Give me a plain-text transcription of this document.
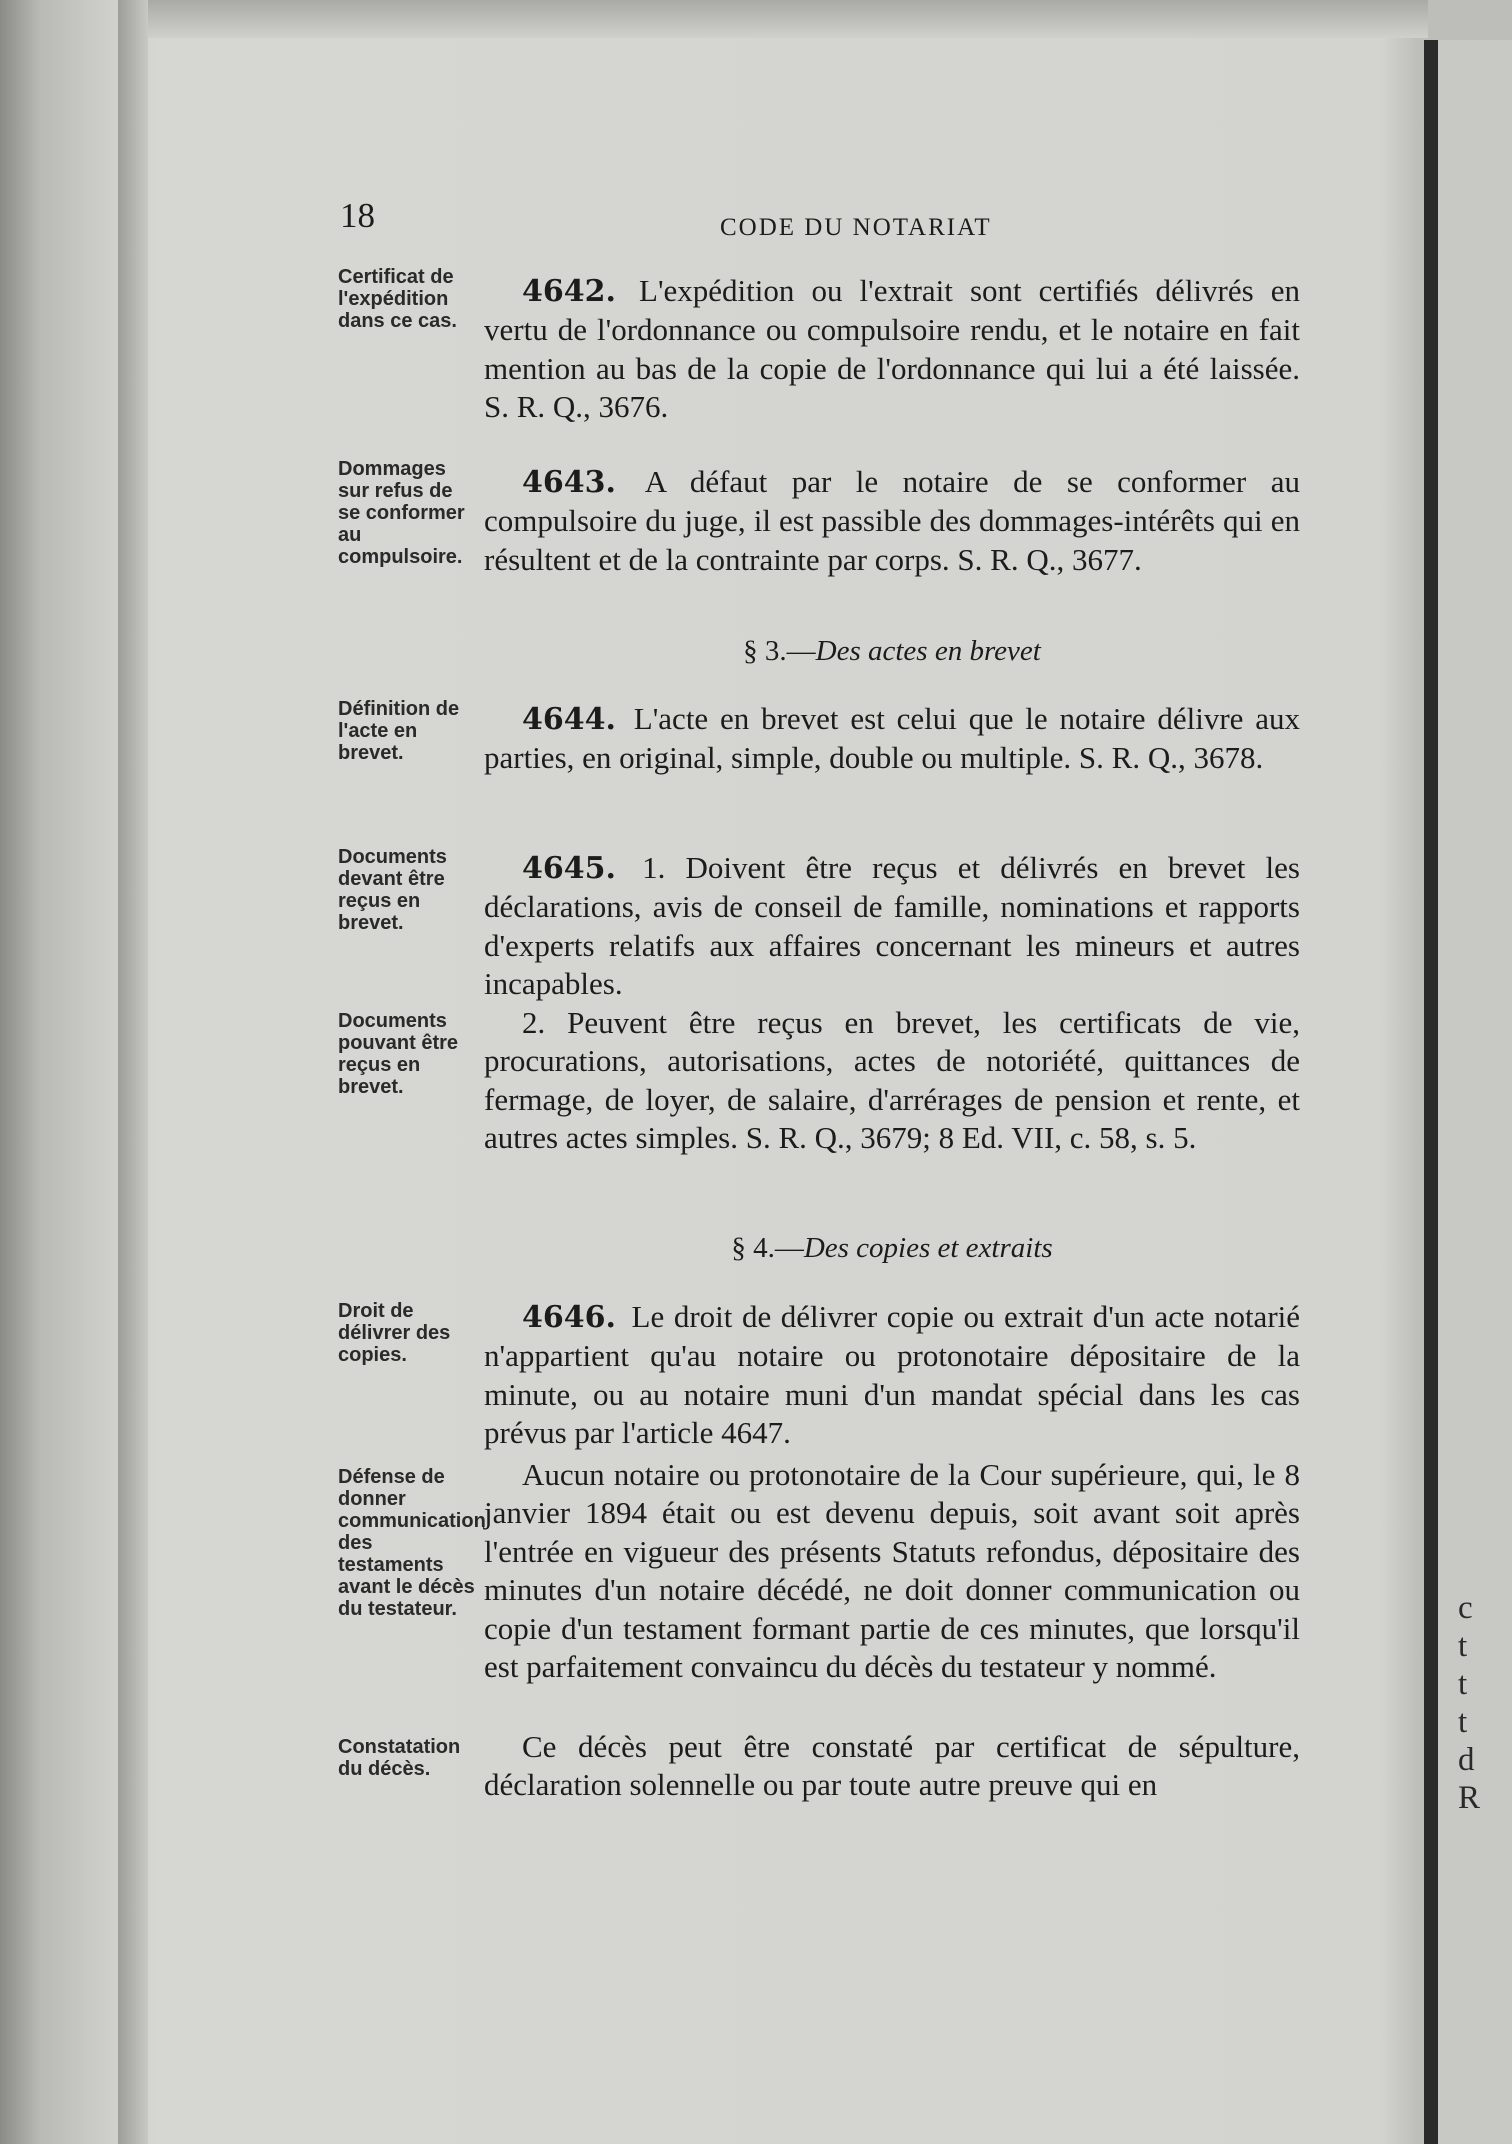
18	CODE DU NOTARIAT
Certificat de l'expédition dans ce cas.
4642. L'expédition ou l'extrait sont certifiés délivrés en vertu de l'ordonnance ou compulsoire rendu, et le notaire en fait mention au bas de la copie de l'ordonnance qui lui a été laissée. S. R. Q., 3676.
Dommages sur refus de se conformer au compulsoire.
4643. A défaut par le notaire de se conformer au compulsoire du juge, il est passible des dommages-intérêts qui en résultent et de la contrainte par corps. S. R. Q., 3677.
§ 3.—Des actes en brevet
Définition de l'acte en brevet.
4644. L'acte en brevet est celui que le notaire délivre aux parties, en original, simple, double ou multiple. S. R. Q., 3678.
Documents devant être reçus en brevet.
4645. 1. Doivent être reçus et délivrés en brevet les déclarations, avis de conseil de famille, nominations et rapports d'experts relatifs aux affaires concernant les mineurs et autres incapables.
Documents pouvant être reçus en brevet.
2. Peuvent être reçus en brevet, les certificats de vie, procurations, autorisations, actes de notoriété, quittances de fermage, de loyer, de salaire, d'arrérages de pension et rente, et autres actes simples. S. R. Q., 3679; 8 Ed. VII, c. 58, s. 5.
§ 4.—Des copies et extraits
Droit de délivrer des copies.
4646. Le droit de délivrer copie ou extrait d'un acte notarié n'appartient qu'au notaire ou protonotaire dépositaire de la minute, ou au notaire muni d'un mandat spécial dans les cas prévus par l'article 4647.
Défense de donner communication des testaments avant le décès du testateur.
Aucun notaire ou protonotaire de la Cour supérieure, qui, le 8 janvier 1894 était ou est devenu depuis, soit avant soit après l'entrée en vigueur des présents Statuts refondus, dépositaire des minutes d'un notaire décédé, ne doit donner communication ou copie d'un testament formant partie de ces minutes, que lorsqu'il est parfaitement convaincu du décès du testateur y nommé.
Constatation du décès.
Ce décès peut être constaté par certificat de sépulture, déclaration solennelle ou par toute autre preuve qui en
c
t
t
t
d
R
